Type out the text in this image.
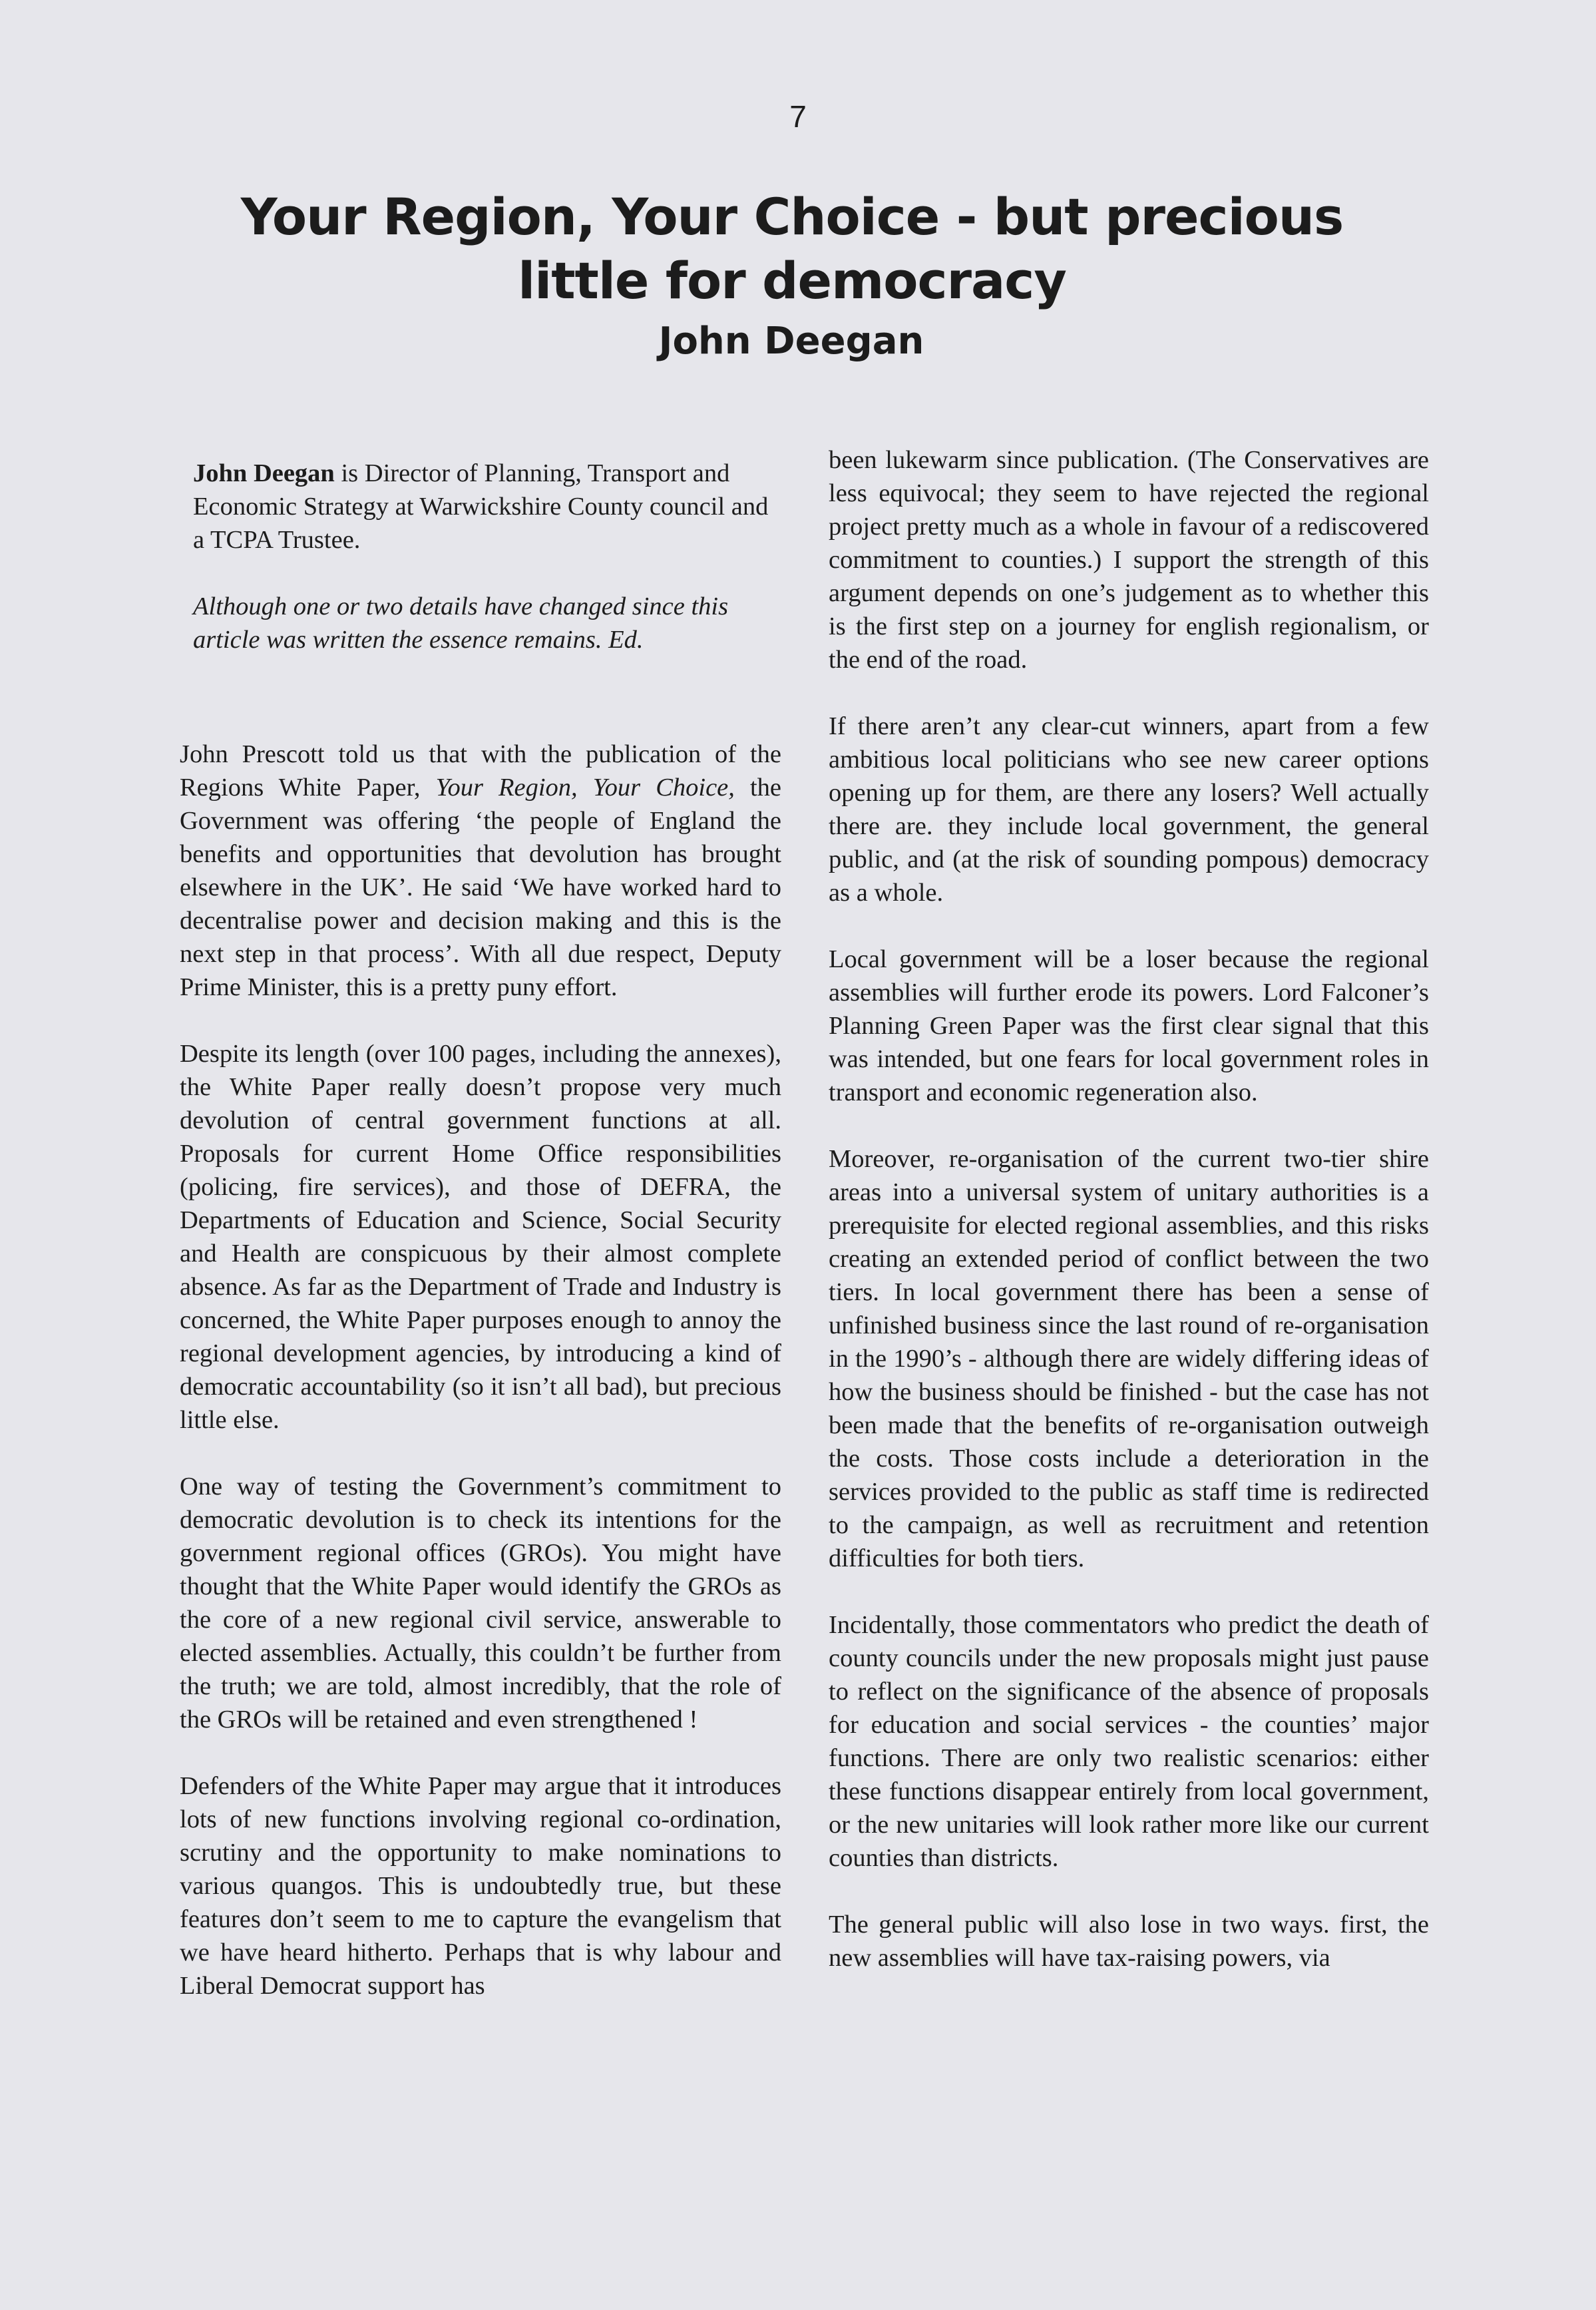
7
Your Region, Your Choice - but precious little for democracy
John Deegan

John Deegan is Director of Planning, Transport and Economic Strategy at Warwickshire County council and a TCPA Trustee.

Although one or two details have changed since this article was written the essence remains. Ed.

John Prescott told us that with the publication of the Regions White Paper, Your Region, Your Choice, the Government was offering ‘the people of England the benefits and opportunities that devolution has brought elsewhere in the UK’. He said ‘We have worked hard to decentralise power and decision making and this is the next step in that process’. With all due respect, Deputy Prime Minister, this is a pretty puny effort.

Despite its length (over 100 pages, including the annexes), the White Paper really doesn’t propose very much devolution of central government functions at all. Proposals for current Home Office responsibilities (policing, fire services), and those of DEFRA, the Departments of Education and Science, Social Security and Health are conspicuous by their almost complete absence. As far as the Department of Trade and Industry is concerned, the White Paper purposes enough to annoy the regional development agencies, by introducing a kind of democratic accountability (so it isn’t all bad), but precious little else.

One way of testing the Government’s commitment to democratic devolution is to check its intentions for the government regional offices (GROs). You might have thought that the White Paper would identify the GROs as the core of a new regional civil service, answerable to elected assemblies. Actually, this couldn’t be further from the truth; we are told, almost incredibly, that the role of the GROs will be retained and even strengthened !

Defenders of the White Paper may argue that it introduces lots of new functions involving regional co-ordination, scrutiny and the opportunity to make nominations to various quangos. This is undoubtedly true, but these features don’t seem to me to capture the evangelism that we have heard hitherto. Perhaps that is why labour and Liberal Democrat support has

been lukewarm since publication. (The Conservatives are less equivocal; they seem to have rejected the regional project pretty much as a whole in favour of a rediscovered commitment to counties.) I support the strength of this argument depends on one’s judgement as to whether this is the first step on a journey for english regionalism, or the end of the road.

If there aren’t any clear-cut winners, apart from a few ambitious local politicians who see new career options opening up for them, are there any losers? Well actually there are. they include local government, the general public, and (at the risk of sounding pompous) democracy as a whole.

Local government will be a loser because the regional assemblies will further erode its powers. Lord Falconer’s Planning Green Paper was the first clear signal that this was intended, but one fears for local government roles in transport and economic regeneration also.

Moreover, re-organisation of the current two-tier shire areas into a universal system of unitary authorities is a prerequisite for elected regional assemblies, and this risks creating an extended period of conflict between the two tiers. In local government there has been a sense of unfinished business since the last round of re-organisation in the 1990’s - although there are widely differing ideas of how the business should be finished - but the case has not been made that the benefits of re-organisation outweigh the costs. Those costs include a deterioration in the services provided to the public as staff time is redirected to the campaign, as well as recruitment and retention difficulties for both tiers.

Incidentally, those commentators who predict the death of county councils under the new proposals might just pause to reflect on the significance of the absence of proposals for education and social services - the counties’ major functions. There are only two realistic scenarios: either these functions disappear entirely from local government, or the new unitaries will look rather more like our current counties than districts.

The general public will also lose in two ways. first, the new assemblies will have tax-raising powers, via
